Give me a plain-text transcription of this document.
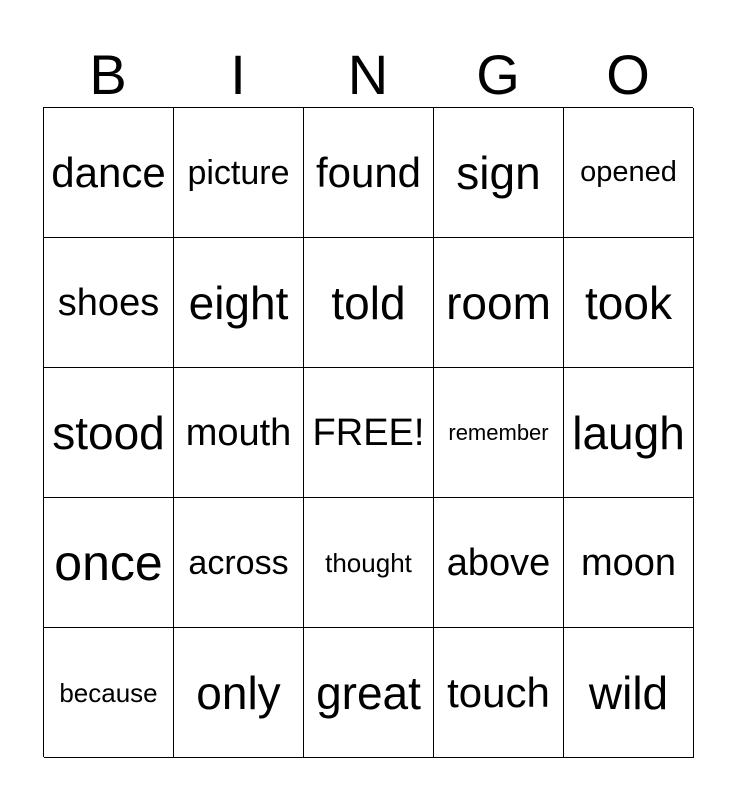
B	I	N	G	O
dance picture found sign	opened
shoes eight told room took
stood mouth FREE!	remember laugh
once across	thought above moon
because only great touch wild
